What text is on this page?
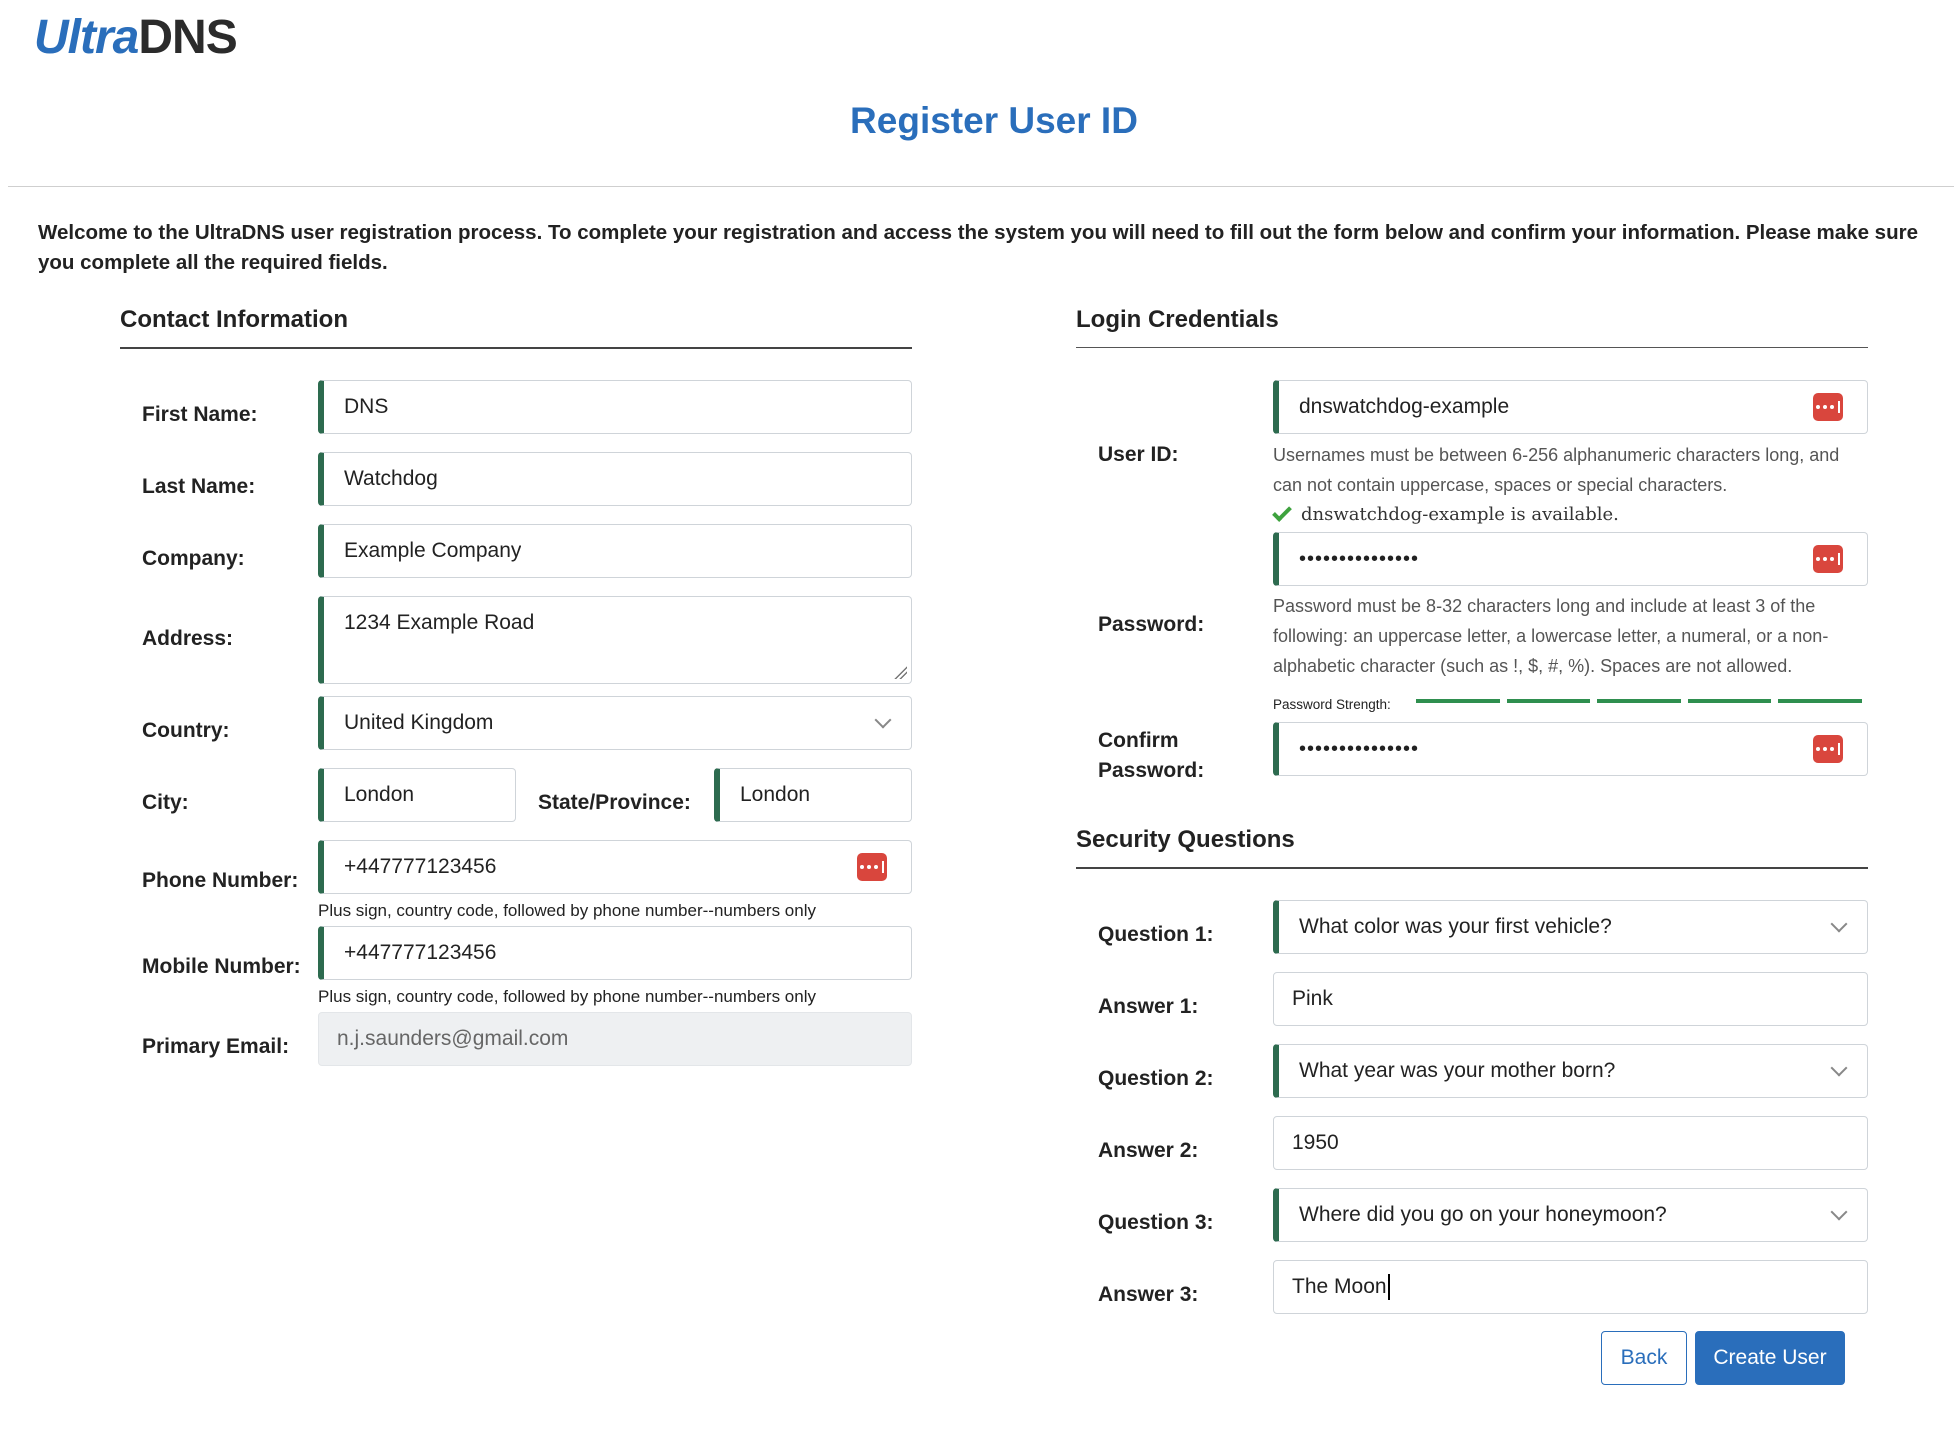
UltraDNS
Register User ID
Welcome to the UltraDNS user registration process. To complete your registration and access the system you will need to fill out the form below and confirm your information. Please make sure you complete all the required fields.
Contact Information
First Name:	DNS
Last Name:	Watchdog
Company:	Example Company
Address:
1234 Example Road
Country:	United Kingdom
City:	London	State/Province: London
Phone Number:
+447777123456
Plus sign, country code, followed by phone number--numbers only
Mobile Number:
+447777123456
Plus sign, country code, followed by phone number--numbers only
Primary Email: n.j.saunders@gmail.com
Login Credentials
User ID:
dnswatchdog-example
Usernames must be between 6-256 alphanumeric characters long, and
can not contain uppercase, spaces or special characters.
dnswatchdog-example is available.
Password:
•••••••••••••••
Password must be 8-32 characters long and include at least 3 of the
following: an uppercase letter, a lowercase letter, a numeral, or a non-
alphabetic character (such as !, $, #, %). Spaces are not allowed.
Password Strength:
Confirm
Password:
•••••••••••••••
Security Questions
Question 1:	What color was your first vehicle?
Answer 1:	Pink
Question 2:	What year was your mother born?
Answer 2:	1950
Question 3:	Where did you go on your honeymoon?
Answer 3:	The Moon
Back	Create User
